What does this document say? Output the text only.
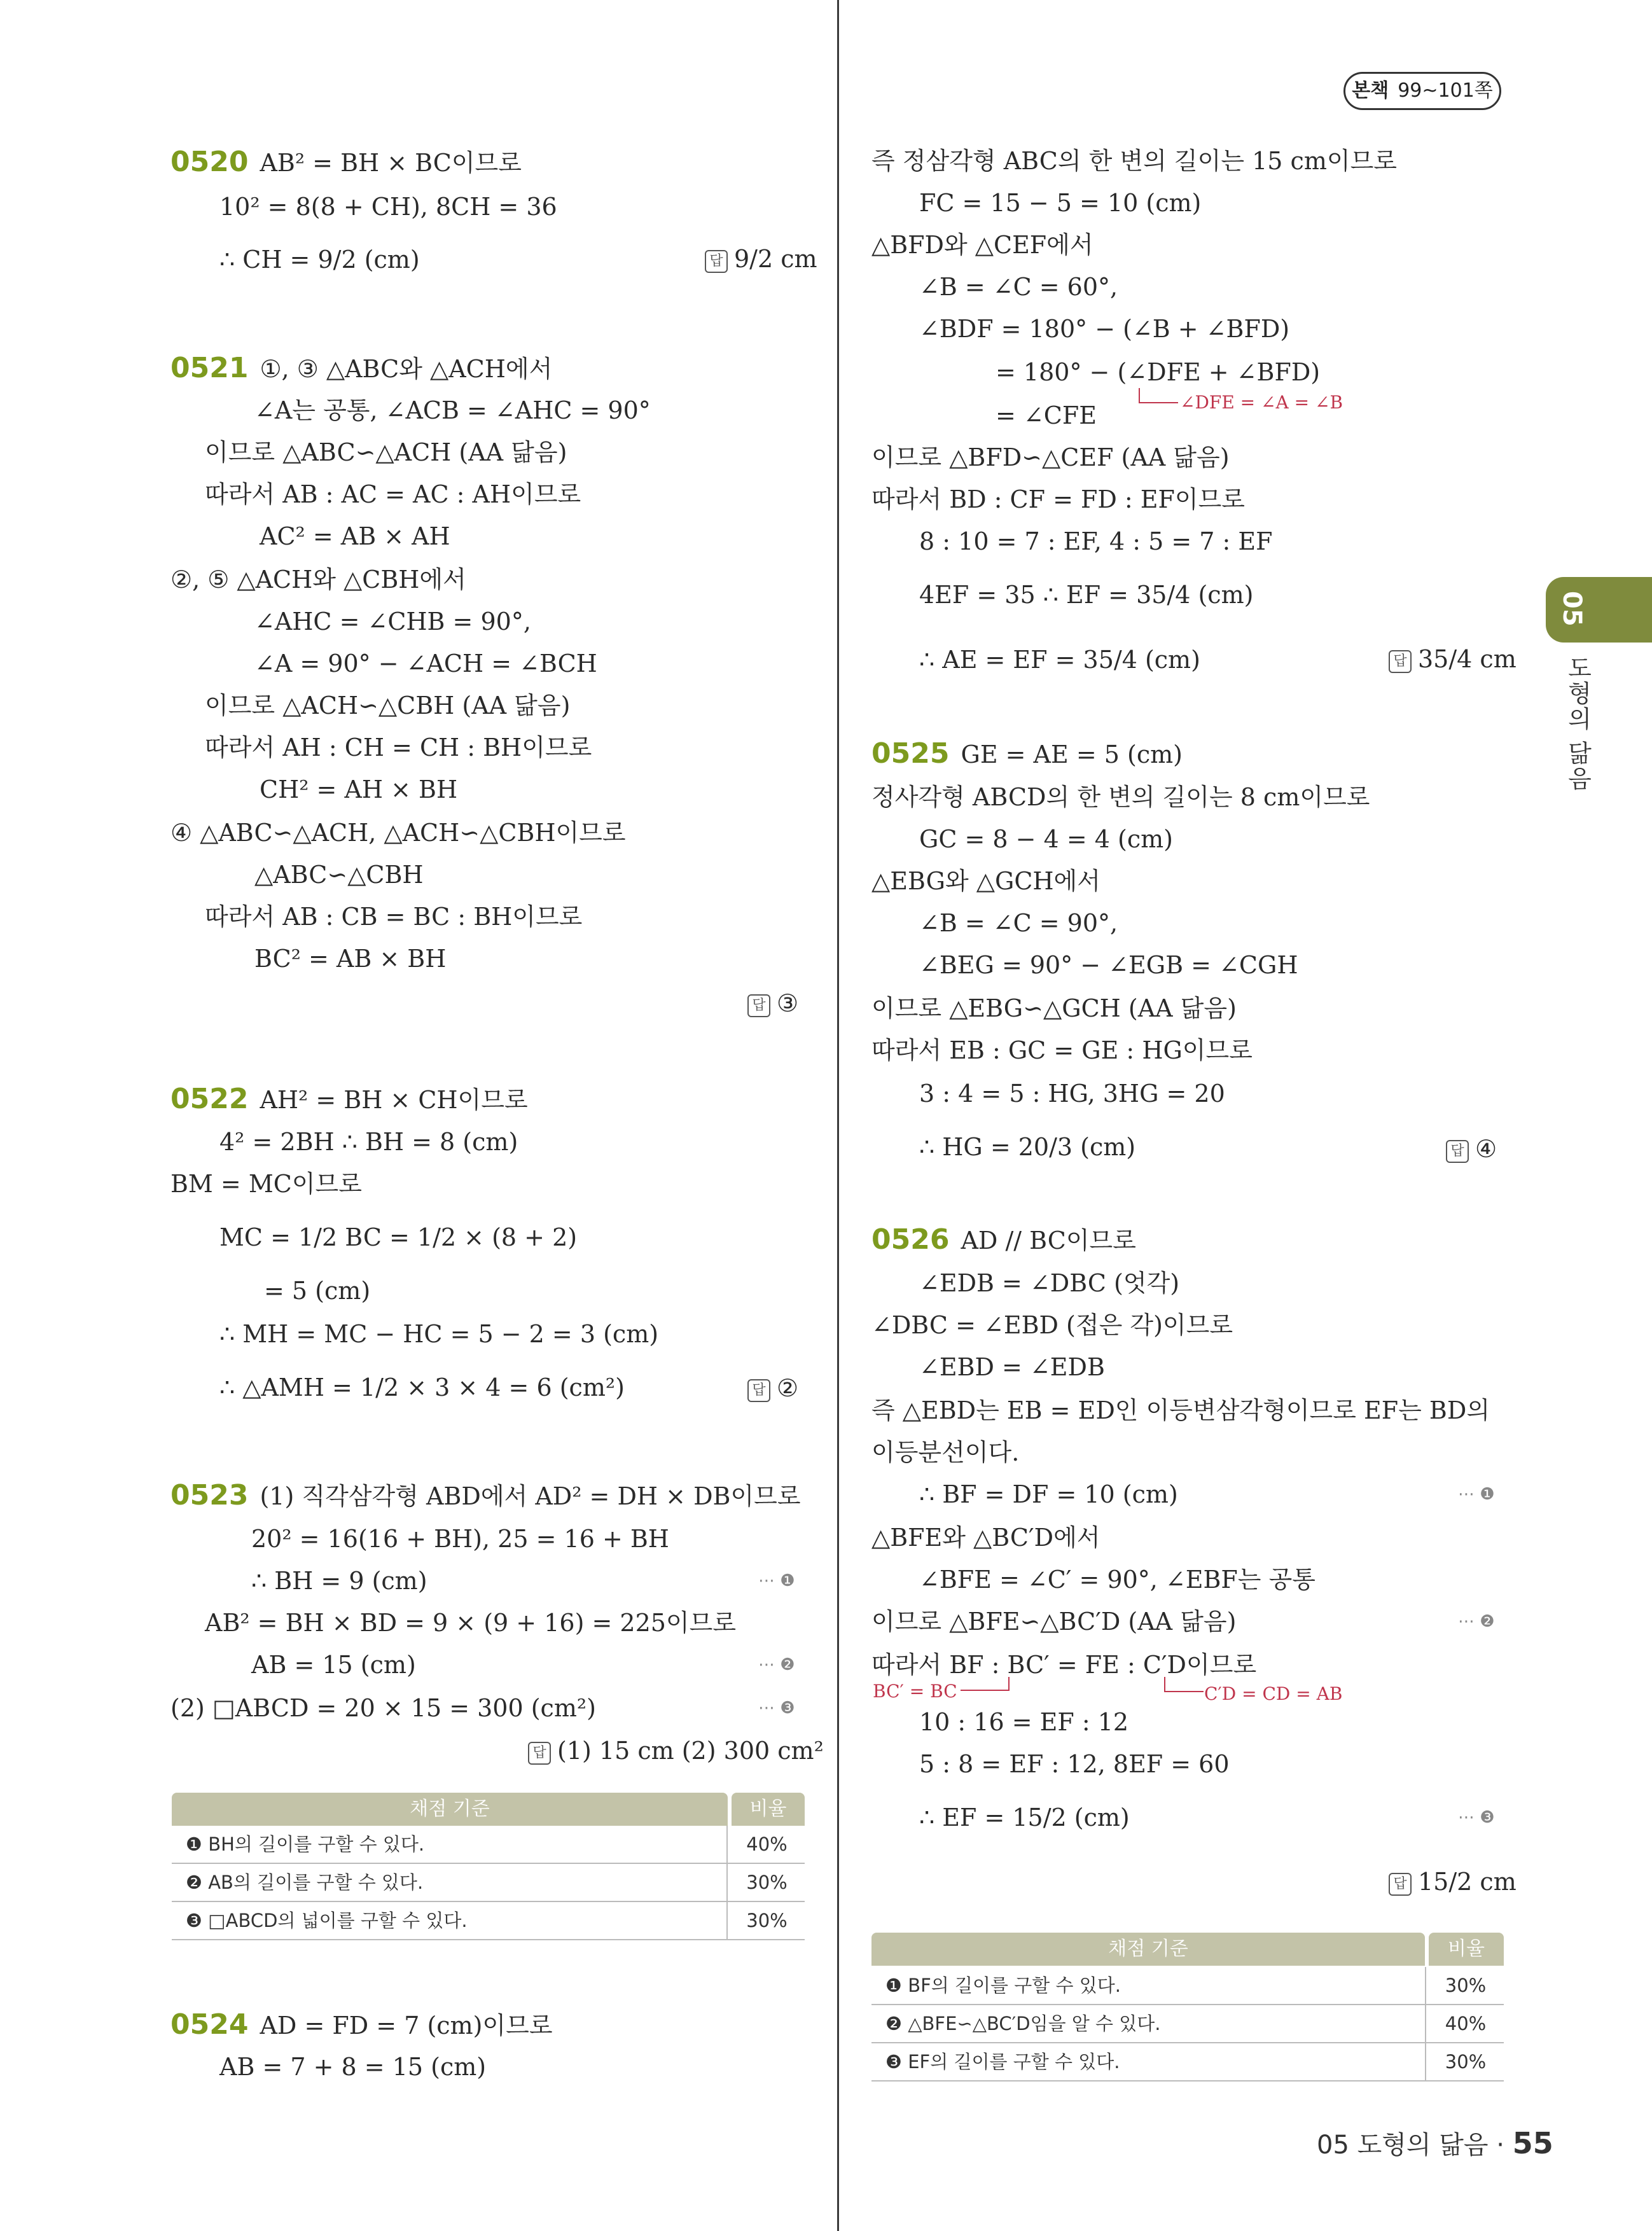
본책 99~101쪽
05
도형의 닮음
0520 AB² = BH × BC이므로
10² = 8(8 + CH), 8CH = 36
∴ CH = 9/2 (cm)	답 9/2 cm
0521 ①, ③ △ABC와 △ACH에서
∠A는 공통, ∠ACB = ∠AHC = 90°
이므로 △ABC∽△ACH (AA 닮음)
따라서 AB : AC = AC : AH이므로
AC² = AB × AH
②, ⑤ △ACH와 △CBH에서
∠AHC = ∠CHB = 90°,
∠A = 90° − ∠ACH = ∠BCH
이므로 △ACH∽△CBH (AA 닮음)
따라서 AH : CH = CH : BH이므로
CH² = AH × BH
④ △ABC∽△ACH, △ACH∽△CBH이므로
△ABC∽△CBH
따라서 AB : CB = BC : BH이므로
BC² = AB × BH
답 ③
0522 AH² = BH × CH이므로
4² = 2BH ∴ BH = 8 (cm)
BM = MC이므로
MC = 1/2 BC = 1/2 × (8 + 2)
= 5 (cm)
∴ MH = MC − HC = 5 − 2 = 3 (cm)
∴ △AMH = 1/2 × 3 × 4 = 6 (cm²)	답 ②
0523 (1) 직각삼각형 ABD에서 AD² = DH × DB이므로
20² = 16(16 + BH), 25 = 16 + BH
∴ BH = 9 (cm)	⋯ ❶
AB² = BH × BD = 9 × (9 + 16) = 225이므로
AB = 15 (cm)	⋯ ❷
(2) □ABCD = 20 × 15 = 300 (cm²)	⋯ ❸
답 (1) 15 cm (2) 300 cm²
채점 기준	비율
❶ BH의 길이를 구할 수 있다.	40%
❷ AB의 길이를 구할 수 있다.	30%
❸ □ABCD의 넓이를 구할 수 있다.	30%
0524 AD = FD = 7 (cm)이므로
AB = 7 + 8 = 15 (cm)
즉 정삼각형 ABC의 한 변의 길이는 15 cm이므로
FC = 15 − 5 = 10 (cm)
△BFD와 △CEF에서
∠B = ∠C = 60°,
∠BDF = 180° − (∠B + ∠BFD)
= 180° − (∠DFE + ∠BFD)
∠DFE = ∠A = ∠B
= ∠CFE
이므로 △BFD∽△CEF (AA 닮음)
따라서 BD : CF = FD : EF이므로
8 : 10 = 7 : EF, 4 : 5 = 7 : EF
4EF = 35 ∴ EF = 35/4 (cm)
∴ AE = EF = 35/4 (cm)	답 35/4 cm
0525 GE = AE = 5 (cm)
정사각형 ABCD의 한 변의 길이는 8 cm이므로
GC = 8 − 4 = 4 (cm)
△EBG와 △GCH에서
∠B = ∠C = 90°,
∠BEG = 90° − ∠EGB = ∠CGH
이므로 △EBG∽△GCH (AA 닮음)
따라서 EB : GC = GE : HG이므로
3 : 4 = 5 : HG, 3HG = 20
∴ HG = 20/3 (cm)	답 ④
0526 AD // BC이므로
∠EDB = ∠DBC (엇각)
∠DBC = ∠EBD (접은 각)이므로
∠EBD = ∠EDB
즉 △EBD는 EB = ED인 이등변삼각형이므로 EF는 BD의
이등분선이다.
∴ BF = DF = 10 (cm)	⋯ ❶
△BFE와 △BC′D에서
∠BFE = ∠C′ = 90°, ∠EBF는 공통
이므로 △BFE∽△BC′D (AA 닮음)	⋯ ❷
따라서 BF : BC′ = FE : C′D이므로
BC′ = BC	C′D = CD = AB
10 : 16 = EF : 12
5 : 8 = EF : 12, 8EF = 60
∴ EF = 15/2 (cm)	⋯ ❸
답 15/2 cm
채점 기준	비율
❶ BF의 길이를 구할 수 있다.	30%
❷ △BFE∽△BC′D임을 알 수 있다.	40%
❸ EF의 길이를 구할 수 있다.	30%
05 도형의 닮음 · 55
